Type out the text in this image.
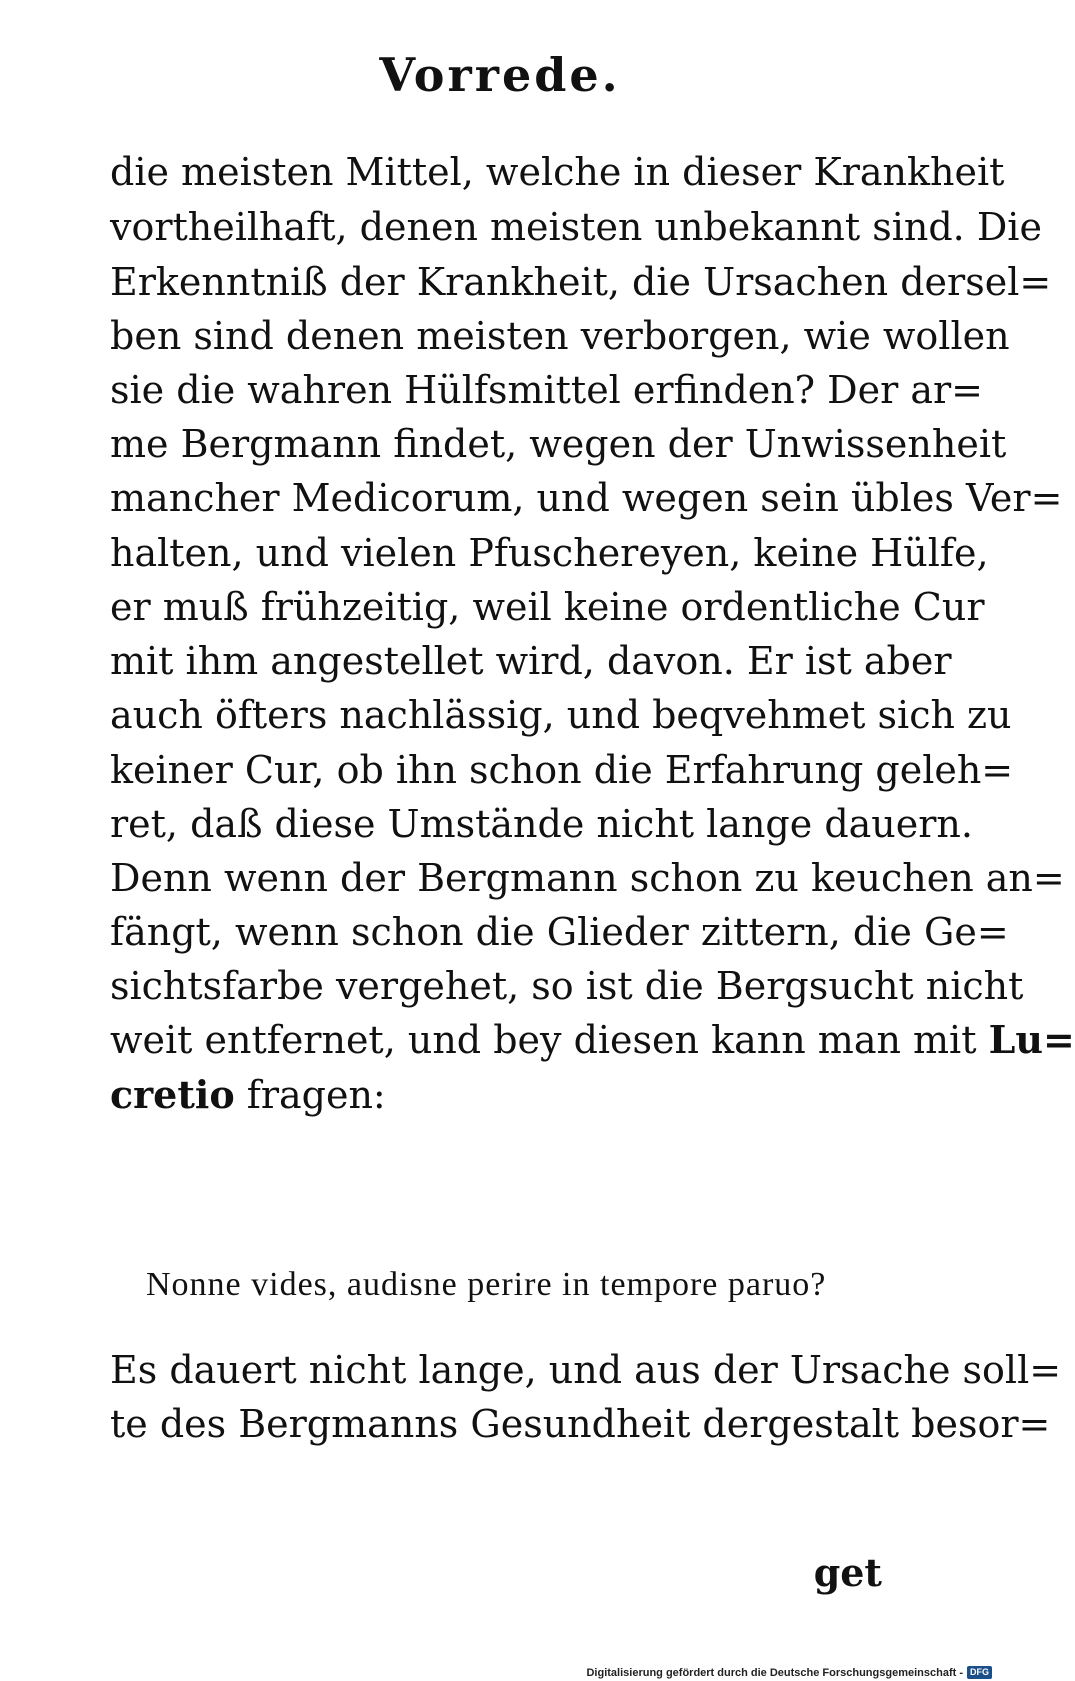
Vorrede.
die meisten Mittel, welche in dieser Krankheit
vortheilhaft, denen meisten unbekannt sind. Die
Erkenntniß der Krankheit, die Ursachen dersel=
ben sind denen meisten verborgen, wie wollen
sie die wahren Hülfsmittel erfinden? Der ar=
me Bergmann findet, wegen der Unwissenheit
mancher Medicorum, und wegen sein übles Ver=
halten, und vielen Pfuschereyen, keine Hülfe,
er muß frühzeitig, weil keine ordentliche Cur
mit ihm angestellet wird, davon. Er ist aber
auch öfters nachlässig, und beqvehmet sich zu
keiner Cur, ob ihn schon die Erfahrung geleh=
ret, daß diese Umstände nicht lange dauern.
Denn wenn der Bergmann schon zu keuchen an=
fängt, wenn schon die Glieder zittern, die Ge=
sichtsfarbe vergehet, so ist die Bergsucht nicht
weit entfernet, und bey diesen kann man mit Lu=
cretio fragen:
Nonne vides, audisne perire in tempore paruo?
Es dauert nicht lange, und aus der Ursache soll=
te des Bergmanns Gesundheit dergestalt besor=
get
Digitalisierung gefördert durch die Deutsche Forschungsgemeinschaft - DFG
